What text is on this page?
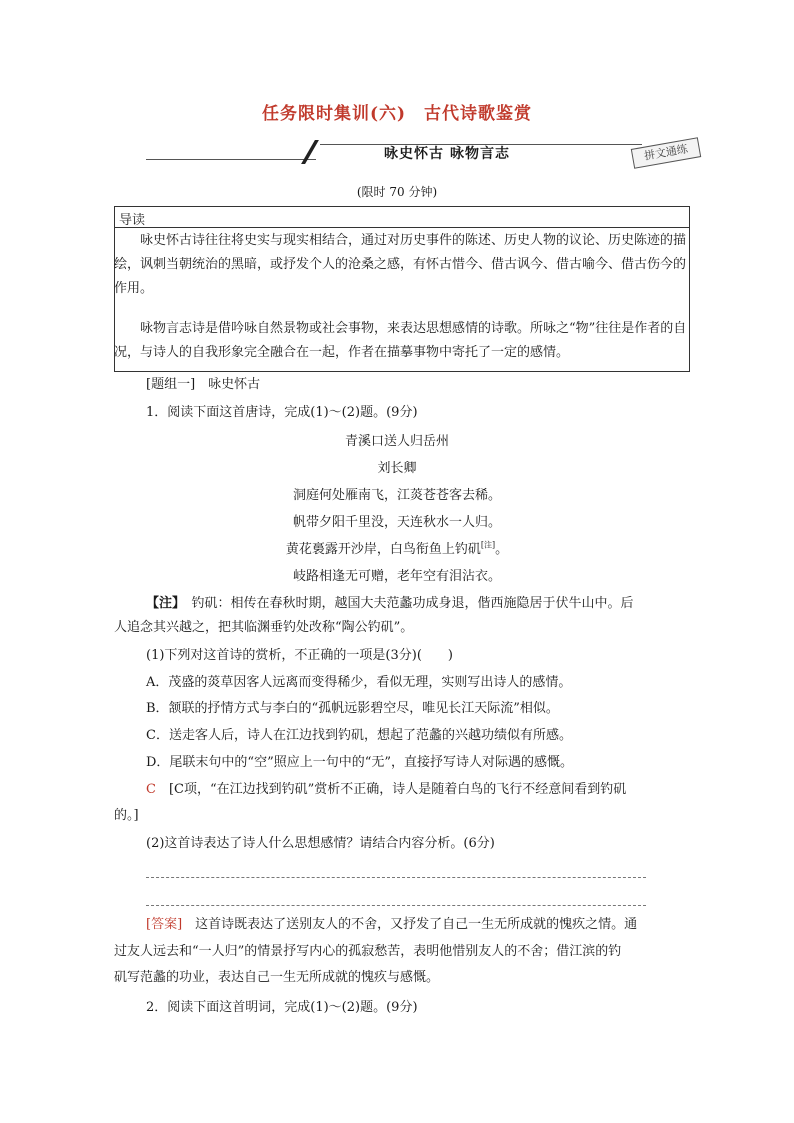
任务限时集训(六) 古代诗歌鉴赏
咏史怀古 咏物言志	拼文通练
(限时 70 分钟)
导读
咏史怀古诗往往将史实与现实相结合，通过对历史事件的陈述、历史人物的议论、历史陈迹的描绘，讽刺当朝统治的黑暗，或抒发个人的沧桑之感，有怀古惜今、借古讽今、借古喻今、借古伤今的作用。
咏物言志诗是借吟咏自然景物或社会事物，来表达思想感情的诗歌。所咏之“物”往往是作者的自况，与诗人的自我形象完全融合在一起，作者在描摹事物中寄托了一定的感情。
[题组一]　咏史怀古
1．阅读下面这首唐诗，完成(1)～(2)题。(9分)
青溪口送人归岳州
刘长卿
洞庭何处雁南飞，江菼苍苍客去稀。
帆带夕阳千里没，天连秋水一人归。
黄花裛露开沙岸，白鸟衔鱼上钓矶[注]。
岐路相逢无可赠，老年空有泪沾衣。
【注】　 钓矶：相传在春秋时期，越国大夫范蠡功成身退，偕西施隐居于伏牛山中。后
人追念其兴越之，把其临渊垂钓处改称“陶公钓矶”。
(1)下列对这首诗的赏析，不正确的一项是(3分)(　　)
A．茂盛的菼草因客人远离而变得稀少，看似无理，实则写出诗人的感情。
B．颔联的抒情方式与李白的“孤帆远影碧空尽，唯见长江天际流”相似。
C．送走客人后，诗人在江边找到钓矶，想起了范蠡的兴越功绩似有所感。
D．尾联末句中的“空”照应上一句中的“无”，直接抒写诗人对际遇的感慨。
C　 [C项，“在江边找到钓矶”赏析不正确，诗人是随着白鸟的飞行不经意间看到钓矶
的。]
(2)这首诗表达了诗人什么思想感情？请结合内容分析。(6分)
[答案]　 这首诗既表达了送别友人的不舍，又抒发了自己一生无所成就的愧疚之情。通
过友人远去和“一人归”的情景抒写内心的孤寂愁苦，表明他惜别友人的不舍；借江滨的钓
矶写范蠡的功业，表达自己一生无所成就的愧疚与感慨。
2．阅读下面这首明词，完成(1)～(2)题。(9分)
